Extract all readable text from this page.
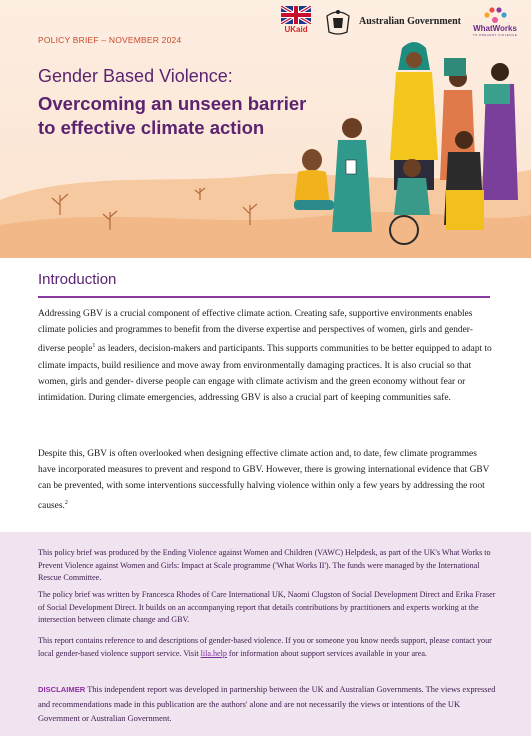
UKaid
Australian Government
WhatWorks
TO PREVENT VIOLENCE
POLICY BRIEF – NOVEMBER 2024
Gender Based Violence:
Overcoming an unseen barrier to effective climate action
Introduction

Addressing GBV is a crucial component of effective climate action. Creating safe, supportive environments enables climate policies and programmes to benefit from the diverse expertise and perspectives of women, girls and gender-diverse people$^1$ as leaders, decision-makers and participants. This supports communities to be better equipped to adapt to climate impacts, build resilience and move away from environmentally damaging practices. It is also crucial so that women, girls and gender- diverse people can engage with climate activism and the green economy without fear or intimidation. During climate emergencies, addressing GBV is also a crucial part of keeping communities safe.

Despite this, GBV is often overlooked when designing effective climate action and, to date, few climate programmes have incorporated measures to prevent and respond to GBV. However, there is growing international evidence that GBV can be prevented, with some interventions successfully halving violence within only a few years by addressing the root causes.$^2$

This policy brief was produced by the Ending Violence against Women and Children (VAWC) Helpdesk, as part of the UK's What Works to Prevent Violence against Women and Girls: Impact at Scale programme ('What Works II'). The funds were managed by the International Rescue Committee.

The policy brief was written by Francesca Rhodes of Care International UK, Naomi Clugston of Social Development Direct and Erika Fraser of Social Development Direct. It builds on an accompanying report that details contributions by practitioners and experts working at the intersection between climate change and GBV.

This report contains reference to and descriptions of gender-based violence. If you or someone you know needs support, please contact your local gender-based violence support service. Visit lila.help for information about support services available in your area.

DISCLAIMER This independent report was developed in partnership between the UK and Australian Governments. The views expressed and recommendations made in this publication are the authors' alone and are not necessarily the views or intentions of the UK Government or Australian Government.
